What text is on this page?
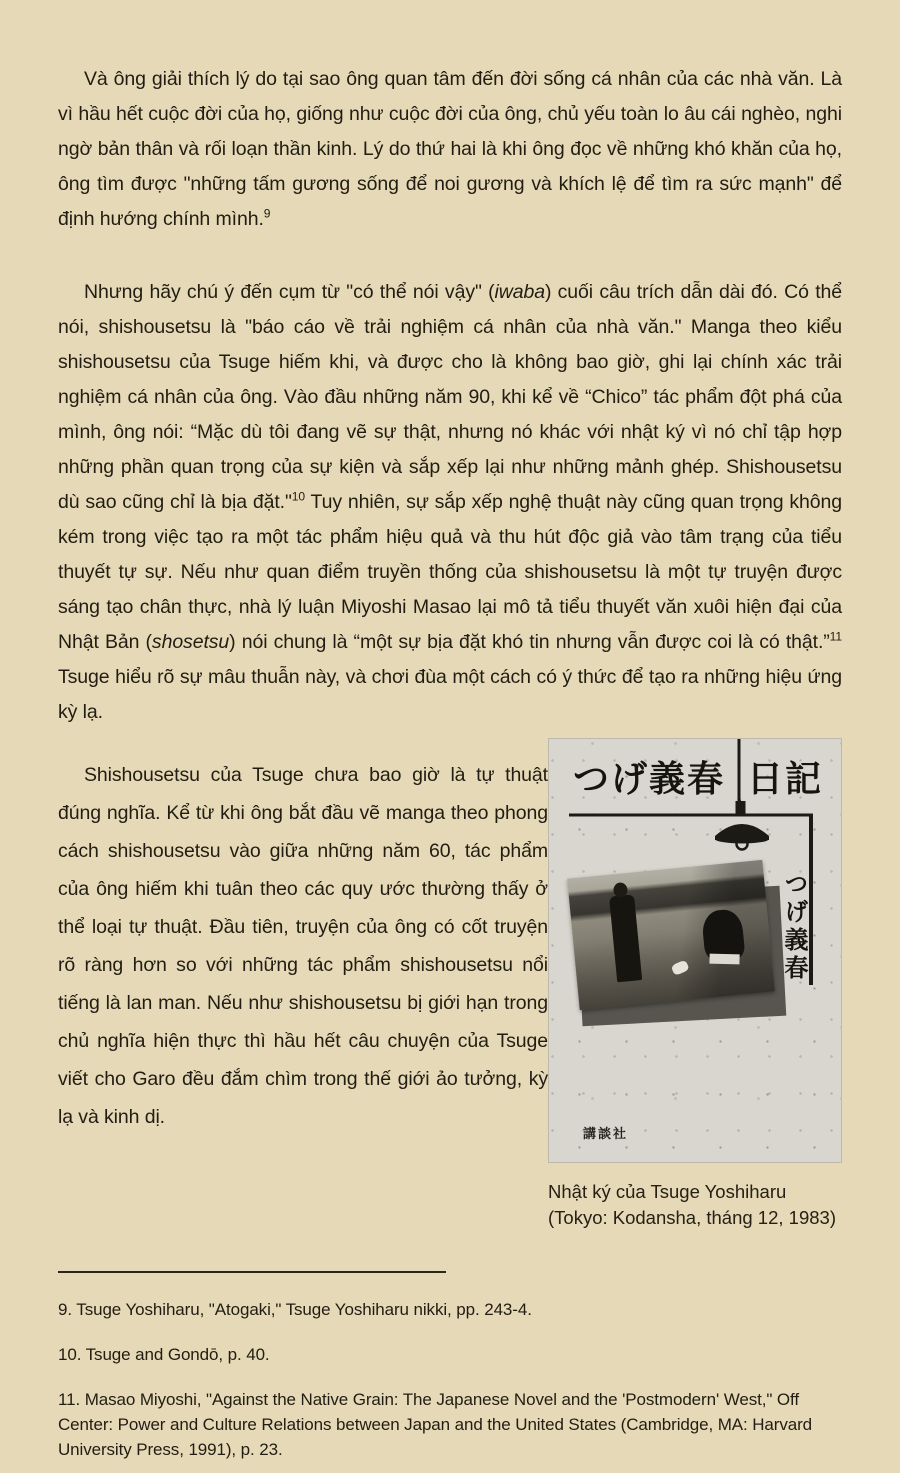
Và ông giải thích lý do tại sao ông quan tâm đến đời sống cá nhân của các nhà văn. Là vì hầu hết cuộc đời của họ, giống như cuộc đời của ông, chủ yếu toàn lo âu cái nghèo, nghi ngờ bản thân và rối loạn thần kinh. Lý do thứ hai là khi ông đọc về những khó khăn của họ, ông tìm được "những tấm gương sống để noi gương và khích lệ để tìm ra sức mạnh" để định hướng chính mình.$^9$

Nhưng hãy chú ý đến cụm từ "có thể nói vậy" (iwaba) cuối câu trích dẫn dài đó. Có thể nói, shishousetsu là "báo cáo về trải nghiệm cá nhân của nhà văn." Manga theo kiểu shishousetsu của Tsuge hiếm khi, và được cho là không bao giờ, ghi lại chính xác trải nghiệm cá nhân của ông. Vào đầu những năm 90, khi kể về “Chico” tác phẩm đột phá của mình, ông nói: “Mặc dù tôi đang vẽ sự thật, nhưng nó khác với nhật ký vì nó chỉ tập hợp những phần quan trọng của sự kiện và sắp xếp lại như những mảnh ghép. Shishousetsu dù sao cũng chỉ là bịa đặt."$^{10}$ Tuy nhiên, sự sắp xếp nghệ thuật này cũng quan trọng không kém trong việc tạo ra một tác phẩm hiệu quả và thu hút độc giả vào tâm trạng của tiểu thuyết tự sự. Nếu như quan điểm truyền thống của shishousetsu là một tự truyện được sáng tạo chân thực, nhà lý luận Miyoshi Masao lại mô tả tiểu thuyết văn xuôi hiện đại của Nhật Bản (shosetsu) nói chung là “một sự bịa đặt khó tin nhưng vẫn được coi là có thật.”$^{11}$ Tsuge hiểu rõ sự mâu thuẫn này, và chơi đùa một cách có ý thức để tạo ra những hiệu ứng kỳ lạ.

つげ義春 日記
つげ義春
講談社
Nhật ký của Tsuge Yoshiharu
(Tokyo: Kodansha, tháng 12, 1983)

Shishousetsu của Tsuge chưa bao giờ là tự thuật đúng nghĩa. Kể từ khi ông bắt đầu vẽ manga theo phong cách shishousetsu vào giữa những năm 60, tác phẩm của ông hiếm khi tuân theo các quy ước thường thấy ở thể loại tự thuật. Đầu tiên, truyện của ông có cốt truyện rõ ràng hơn so với những tác phẩm shishousetsu nổi tiếng là lan man. Nếu như shishousetsu bị giới hạn trong chủ nghĩa hiện thực thì hầu hết câu chuyện của Tsuge viết cho Garo đều đắm chìm trong thế giới ảo tưởng, kỳ lạ và kinh dị.

9. Tsuge Yoshiharu, "Atogaki," Tsuge Yoshiharu nikki, pp. 243-4.

10. Tsuge and Gondō, p. 40.

11. Masao Miyoshi, "Against the Native Grain: The Japanese Novel and the 'Postmodern' West," Off Center: Power and Culture Relations between Japan and the United States (Cambridge, MA: Harvard University Press, 1991), p. 23.
